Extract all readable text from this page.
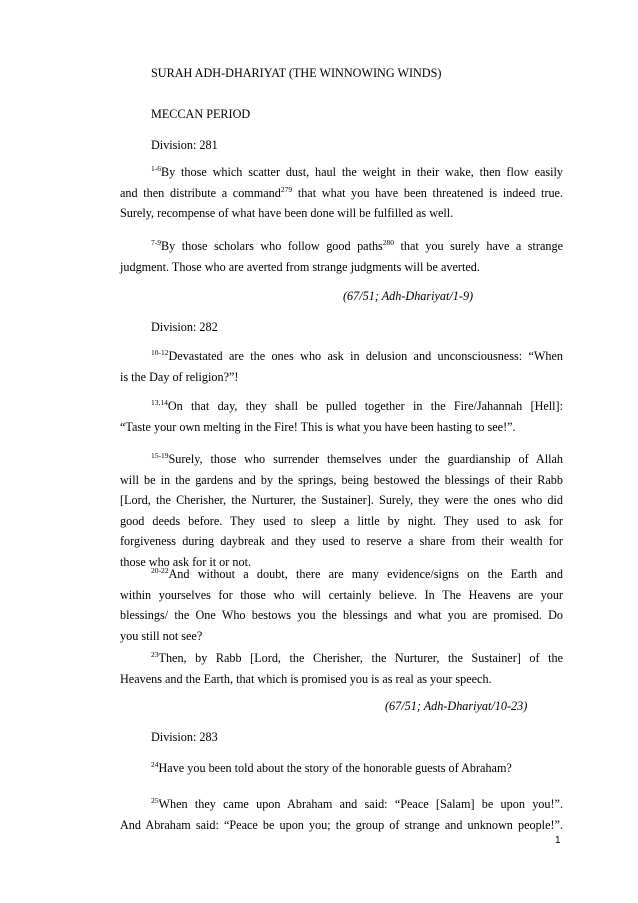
SURAH ADH-DHARIYAT (THE WINNOWING WINDS)
MECCAN PERIOD
Division: 281
$^{1-6}$By those which scatter dust, haul the weight in their wake, then flow easily
and then distribute a command$^{279}$ that what you have been threatened is indeed true.
Surely, recompense of what have been done will be fulfilled as well.
$^{7-9}$By those scholars who follow good paths$^{280}$ that you surely have a strange
judgment. Those who are averted from strange judgments will be averted.
(67/51; Adh-Dhariyat/1-9)
Division: 282
$^{10-12}$Devastated are the ones who ask in delusion and unconsciousness: “When
is the Day of religion?”!
$^{13,14}$On that day, they shall be pulled together in the Fire/Jahannah [Hell]:
“Taste your own melting in the Fire! This is what you have been hasting to see!”.
$^{15-19}$Surely, those who surrender themselves under the guardianship of Allah
will be in the gardens and by the springs, being bestowed the blessings of their Rabb
[Lord, the Cherisher, the Nurturer, the Sustainer]. Surely, they were the ones who did
good deeds before. They used to sleep a little by night. They used to ask for
forgiveness during daybreak and they used to reserve a share from their wealth for
those who ask for it or not.
$^{20-22}$And without a doubt, there are many evidence/signs on the Earth and
within yourselves for those who will certainly believe. In The Heavens are your
blessings/ the One Who bestows you the blessings and what you are promised. Do
you still not see?
$^{23}$Then, by Rabb [Lord, the Cherisher, the Nurturer, the Sustainer] of the
Heavens and the Earth, that which is promised you is as real as your speech.
(67/51; Adh-Dhariyat/10-23)
Division: 283
$^{24}$Have you been told about the story of the honorable guests of Abraham?
$^{25}$When they came upon Abraham and said: “Peace [Salam] be upon you!”.
And Abraham said: “Peace be upon you; the group of strange and unknown people!”.
1
